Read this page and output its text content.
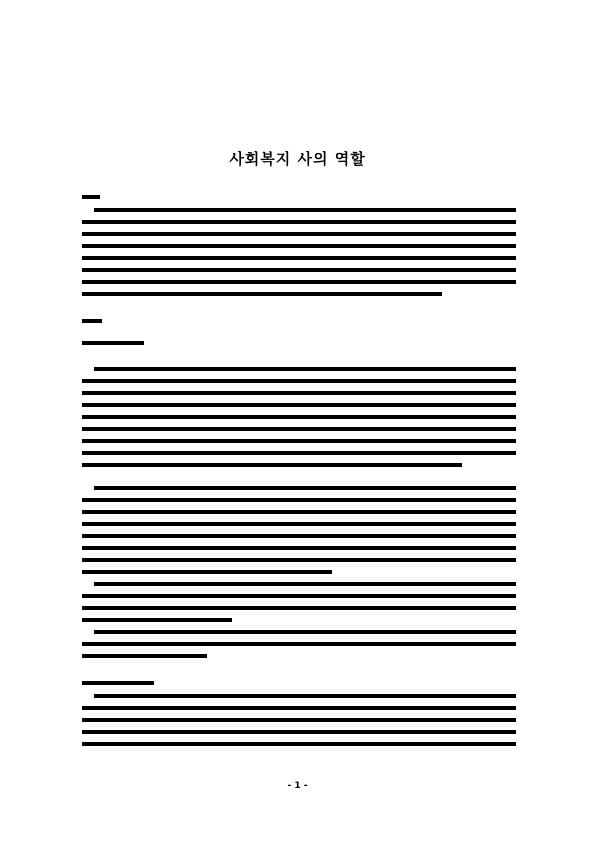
사회복지 사의 역할
- 1 -
